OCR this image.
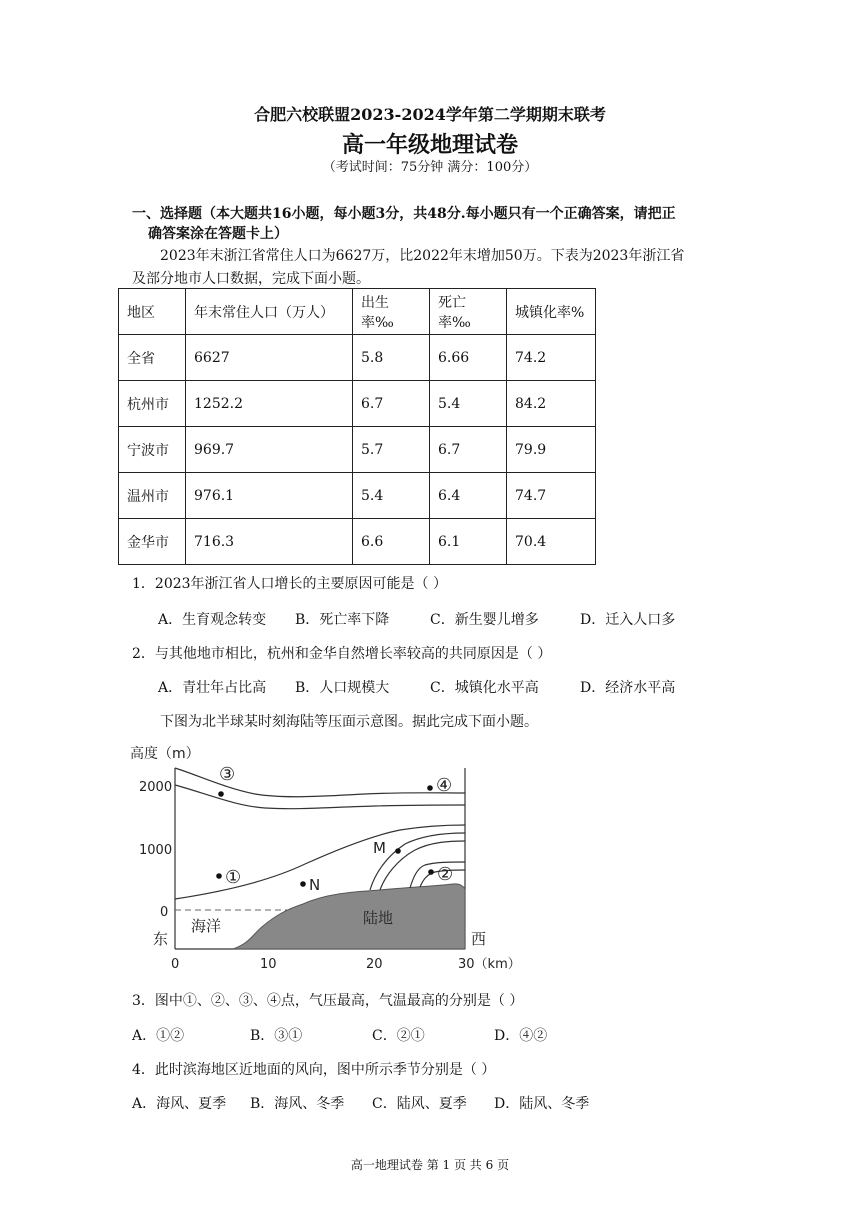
合肥六校联盟2023-2024学年第二学期期末联考
高一年级地理试卷
（考试时间：75分钟 满分：100分）
一、选择题（本大题共16小题，每小题3分，共48分.每小题只有一个正确答案，请把正
确答案涂在答题卡上）
2023年末浙江省常住人口为6627万，比2022年末增加50万。下表为2023年浙江省
及部分地市人口数据，完成下面小题。
地区	年末常住人口（万人）	出生率‰	死亡率‰	城镇化率%
全省	6627	5.8	6.66	74.2
杭州市	1252.2	6.7	5.4	84.2
宁波市	969.7	5.7	6.7	79.9
温州市	976.1	5.4	6.4	74.7
金华市	716.3	6.6	6.1	70.4
1．2023年浙江省人口增长的主要原因可能是（ ）
A．生育观念转变 B．死亡率下降	C．新生婴儿增多	D．迁入人口多
2．与其他地市相比，杭州和金华自然增长率较高的共同原因是（ ）
A．青壮年占比高 B．人口规模大	C．城镇化水平高	D．经济水平高
下图为北半球某时刻海陆等压面示意图。据此完成下面小题。
高度（m）
2000
1000
0
③
④
①	②
M
N
海洋	陆地
东	西
0	10	20	30（km）
3．图中①、②、③、④点，气压最高，气温最高的分别是（ ）
A．①②	B．③①	C．②①	D．④②
4．此时滨海地区近地面的风向，图中所示季节分别是（ ）
A．海风、夏季 B．海风、冬季 C．陆风、夏季 D．陆风、冬季
高一地理试卷 第 1 页 共 6 页
